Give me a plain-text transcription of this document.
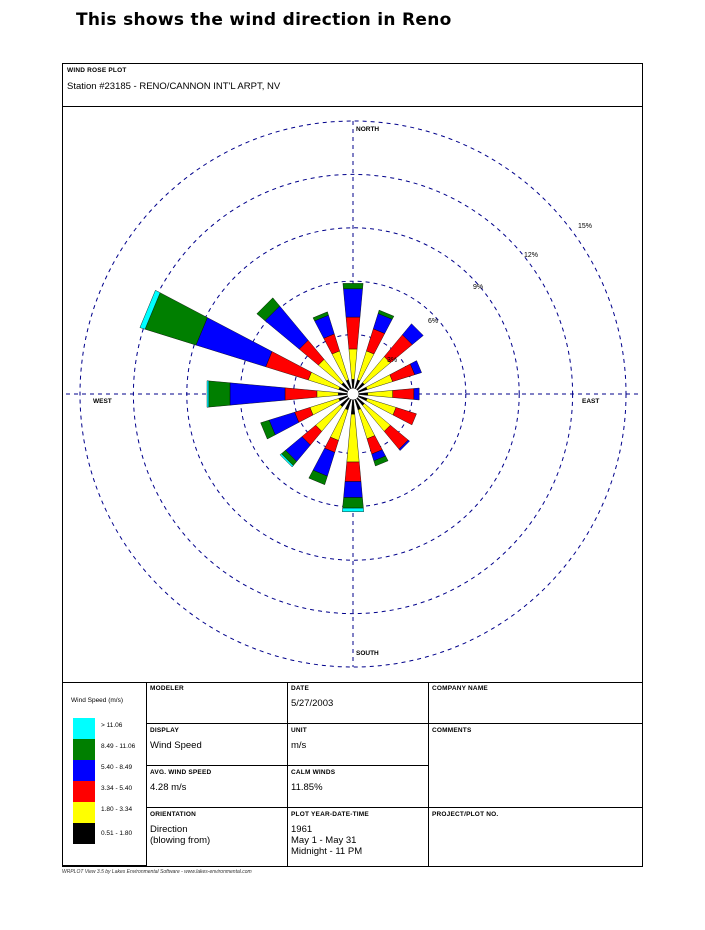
This shows the wind direction in Reno
WIND ROSE PLOT
Station #23185 - RENO/CANNON INT'L ARPT, NV
NORTH
SOUTH
WEST	EAST
3%
6%
9%
12%
15%
Wind Speed (m/s)
> 11.06
8.49 - 11.06
5.40 - 8.49
3.34 - 5.40
1.80 - 3.34
0.51 - 1.80
MODELER
DISPLAY
Wind Speed
AVG. WIND SPEED
4.28 m/s
ORIENTATION
Direction
(blowing from)
DATE
5/27/2003
UNIT
m/s
CALM WINDS
11.85%
PLOT YEAR-DATE-TIME
1961
May 1 - May 31
Midnight - 11 PM
COMPANY NAME
COMMENTS
PROJECT/PLOT NO.
WRPLOT View 3.5 by Lakes Environmental Software - www.lakes-environmental.com
